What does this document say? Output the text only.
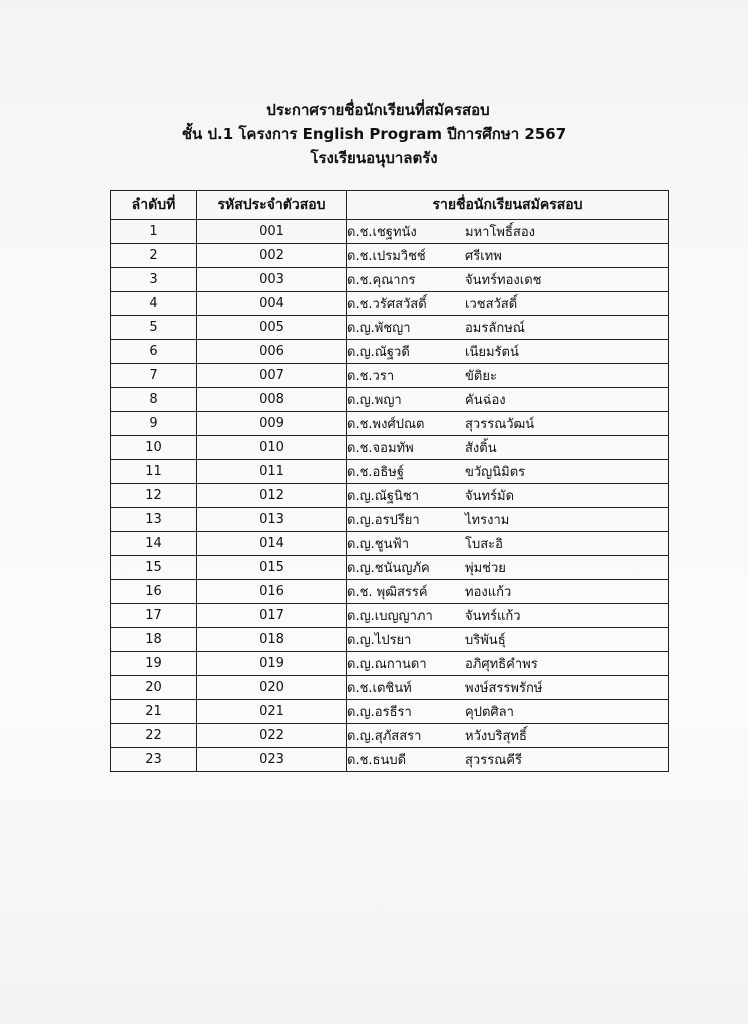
ประกาศรายชื่อนักเรียนที่สมัครสอบ
ชั้น ป.1 โครงการ English Program ปีการศึกษา 2567
โรงเรียนอนุบาลตรัง
ลำดับที่	รหัสประจำตัวสอบ	รายชื่อนักเรียนสมัครสอบ
1	001	ด.ช.เชฐทนัง มหาโพธิ์สอง
2	002	ด.ช.เปรมวิชช์ ศรีเทพ
3	003	ด.ช.คุณากร จันทร์ทองเดช
4	004	ด.ช.วรัศสวัสดิ์ เวชสวัสดิ์
5	005	ด.ญ.พัชญา อมรลักษณ์
6	006	ด.ญ.ณัฐวดี เนียมรัตน์
7	007	ด.ช.วรา ขัติยะ
8	008	ด.ญ.พญา คันฉ่อง
9	009	ด.ช.พงศ์ปณต สุวรรณวัฒน์
10	010	ด.ช.จอมทัพ สังติ้น
11	011	ด.ช.อธิษฐ์ ขวัญนิมิตร
12	012	ด.ญ.ณัฐนิชา จันทร์มัด
13	013	ด.ญ.อรปรียา ไทรงาม
14	014	ด.ญ.ชูนฟ้า โบสะอิ
15	015	ด.ญ.ชนันญภัค พุ่มช่วย
16	016	ด.ช. พุฒิสรรค์ ทองแก้ว
17	017	ด.ญ.เบญญาภา จันทร์แก้ว
18	018	ด.ญ.ไปรยา บริพันธุ์
19	019	ด.ญ.ณกานดา อภิศุทธิคำพร
20	020	ด.ช.เตชินท์ พงษ์สรรพรักษ์
21	021	ด.ญ.อรธีรา คุปตศิลา
22	022	ด.ญ.สุภัสสรา หวังบริสุทธิ์
23	023	ด.ช.ธนบดี สุวรรณคีรี
